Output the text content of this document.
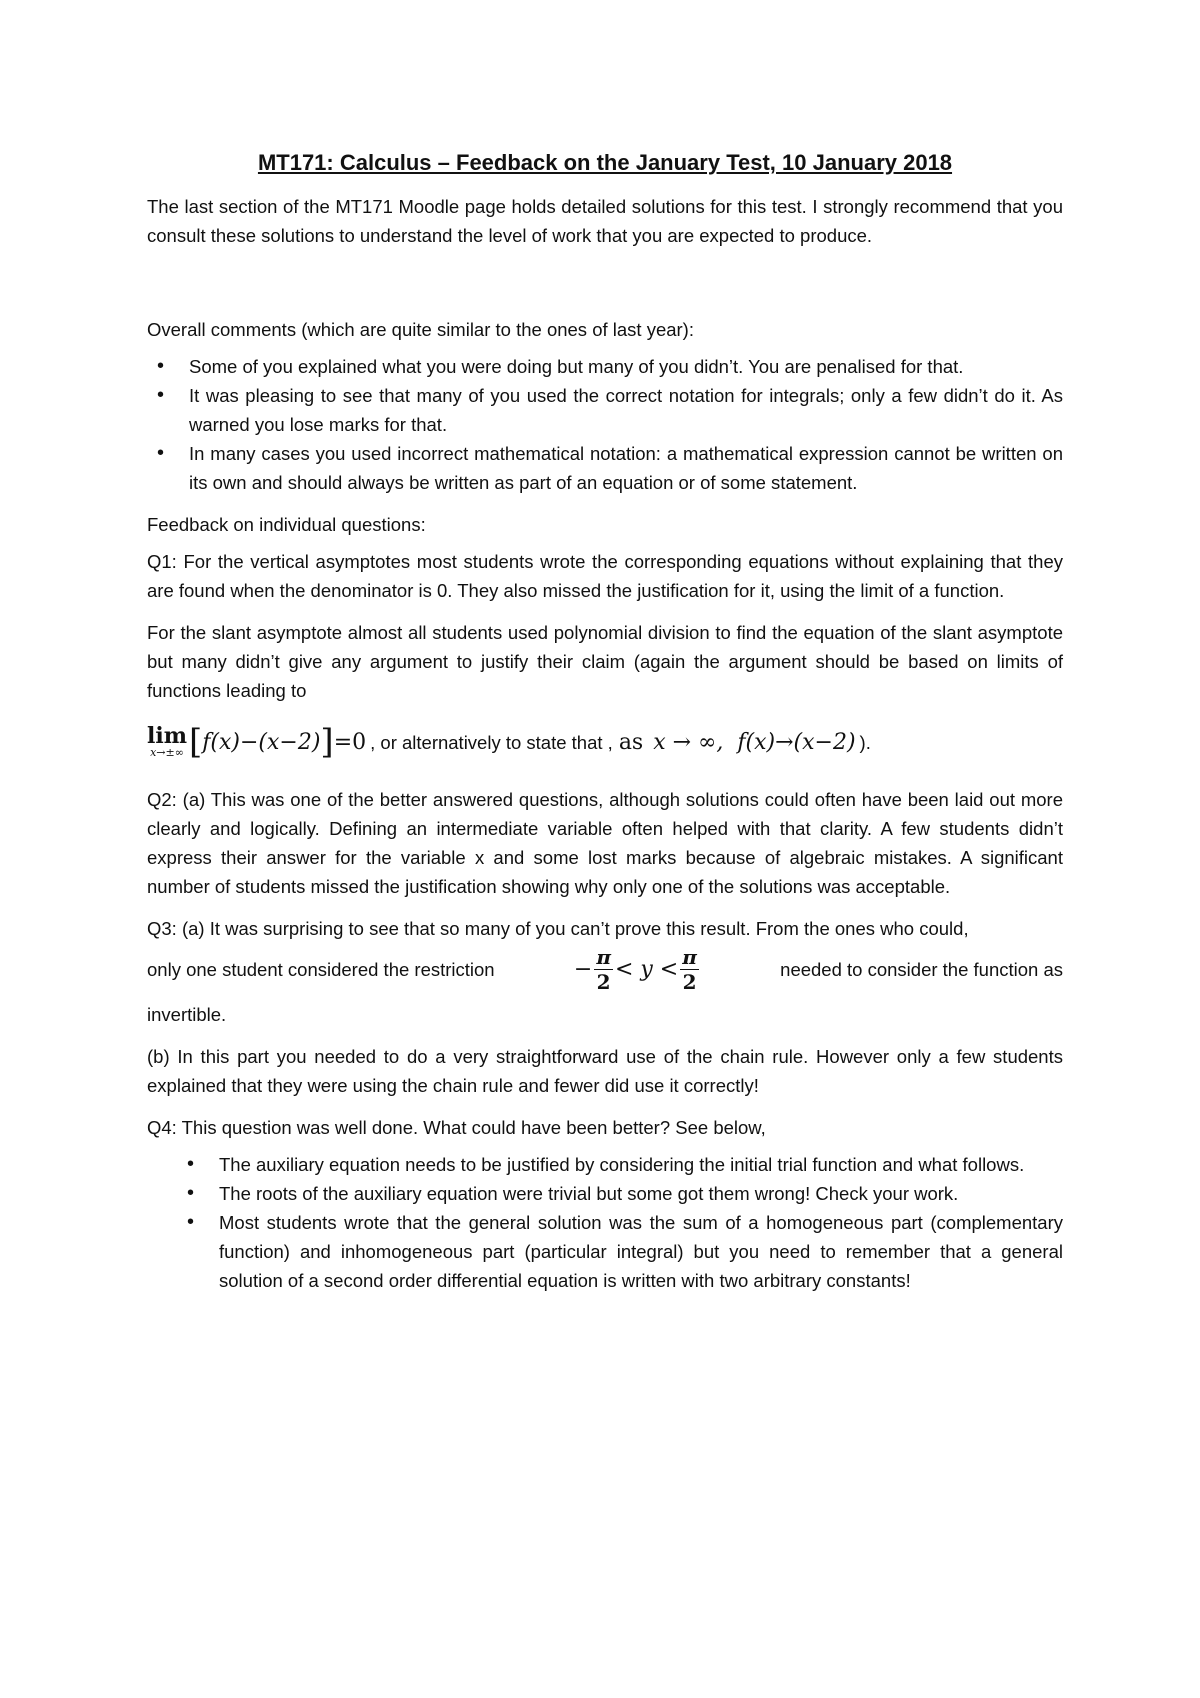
MT171: Calculus – Feedback on the January Test, 10 January 2018

The last section of the MT171 Moodle page holds detailed solutions for this test. I strongly recommend that you consult these solutions to understand the level of work that you are expected to produce.

Overall comments (which are quite similar to the ones of last year):

• Some of you explained what you were doing but many of you didn’t. You are penalised for that.
• It was pleasing to see that many of you used the correct notation for integrals; only a few didn’t do it. As warned you lose marks for that.
• In many cases you used incorrect mathematical notation: a mathematical expression cannot be written on its own and should always be written as part of an equation or of some statement.

Feedback on individual questions:

Q1: For the vertical asymptotes most students wrote the corresponding equations without explaining that they are found when the denominator is 0. They also missed the justification for it, using the limit of a function.

For the slant asymptote almost all students used polynomial division to find the equation of the slant asymptote but many didn’t give any argument to justify their claim (again the argument should be based on limits of functions leading to

lim
x→±∞ [ f(x)−(x−2) ] =0 , or alternatively to state that , as x → ∞, f(x)→(x−2) ).

Q2: (a) This was one of the better answered questions, although solutions could often have been laid out more clearly and logically. Defining an intermediate variable often helped with that clarity. A few students didn’t express their answer for the variable x and some lost marks because of algebraic mistakes. A significant number of students missed the justification showing why only one of the solutions was acceptable.

Q3: (a) It was surprising to see that so many of you can’t prove this result. From the ones who could,

only one student considered the restriction	− $\frac{\pi}{2} < y < \frac{\pi}{2}$	needed to consider the function as

invertible.

(b) In this part you needed to do a very straightforward use of the chain rule. However only a few students explained that they were using the chain rule and fewer did use it correctly!

Q4: This question was well done. What could have been better? See below,

• The auxiliary equation needs to be justified by considering the initial trial function and what follows.
• The roots of the auxiliary equation were trivial but some got them wrong! Check your work.
• Most students wrote that the general solution was the sum of a homogeneous part (complementary function) and inhomogeneous part (particular integral) but you need to remember that a general solution of a second order differential equation is written with two arbitrary constants!
